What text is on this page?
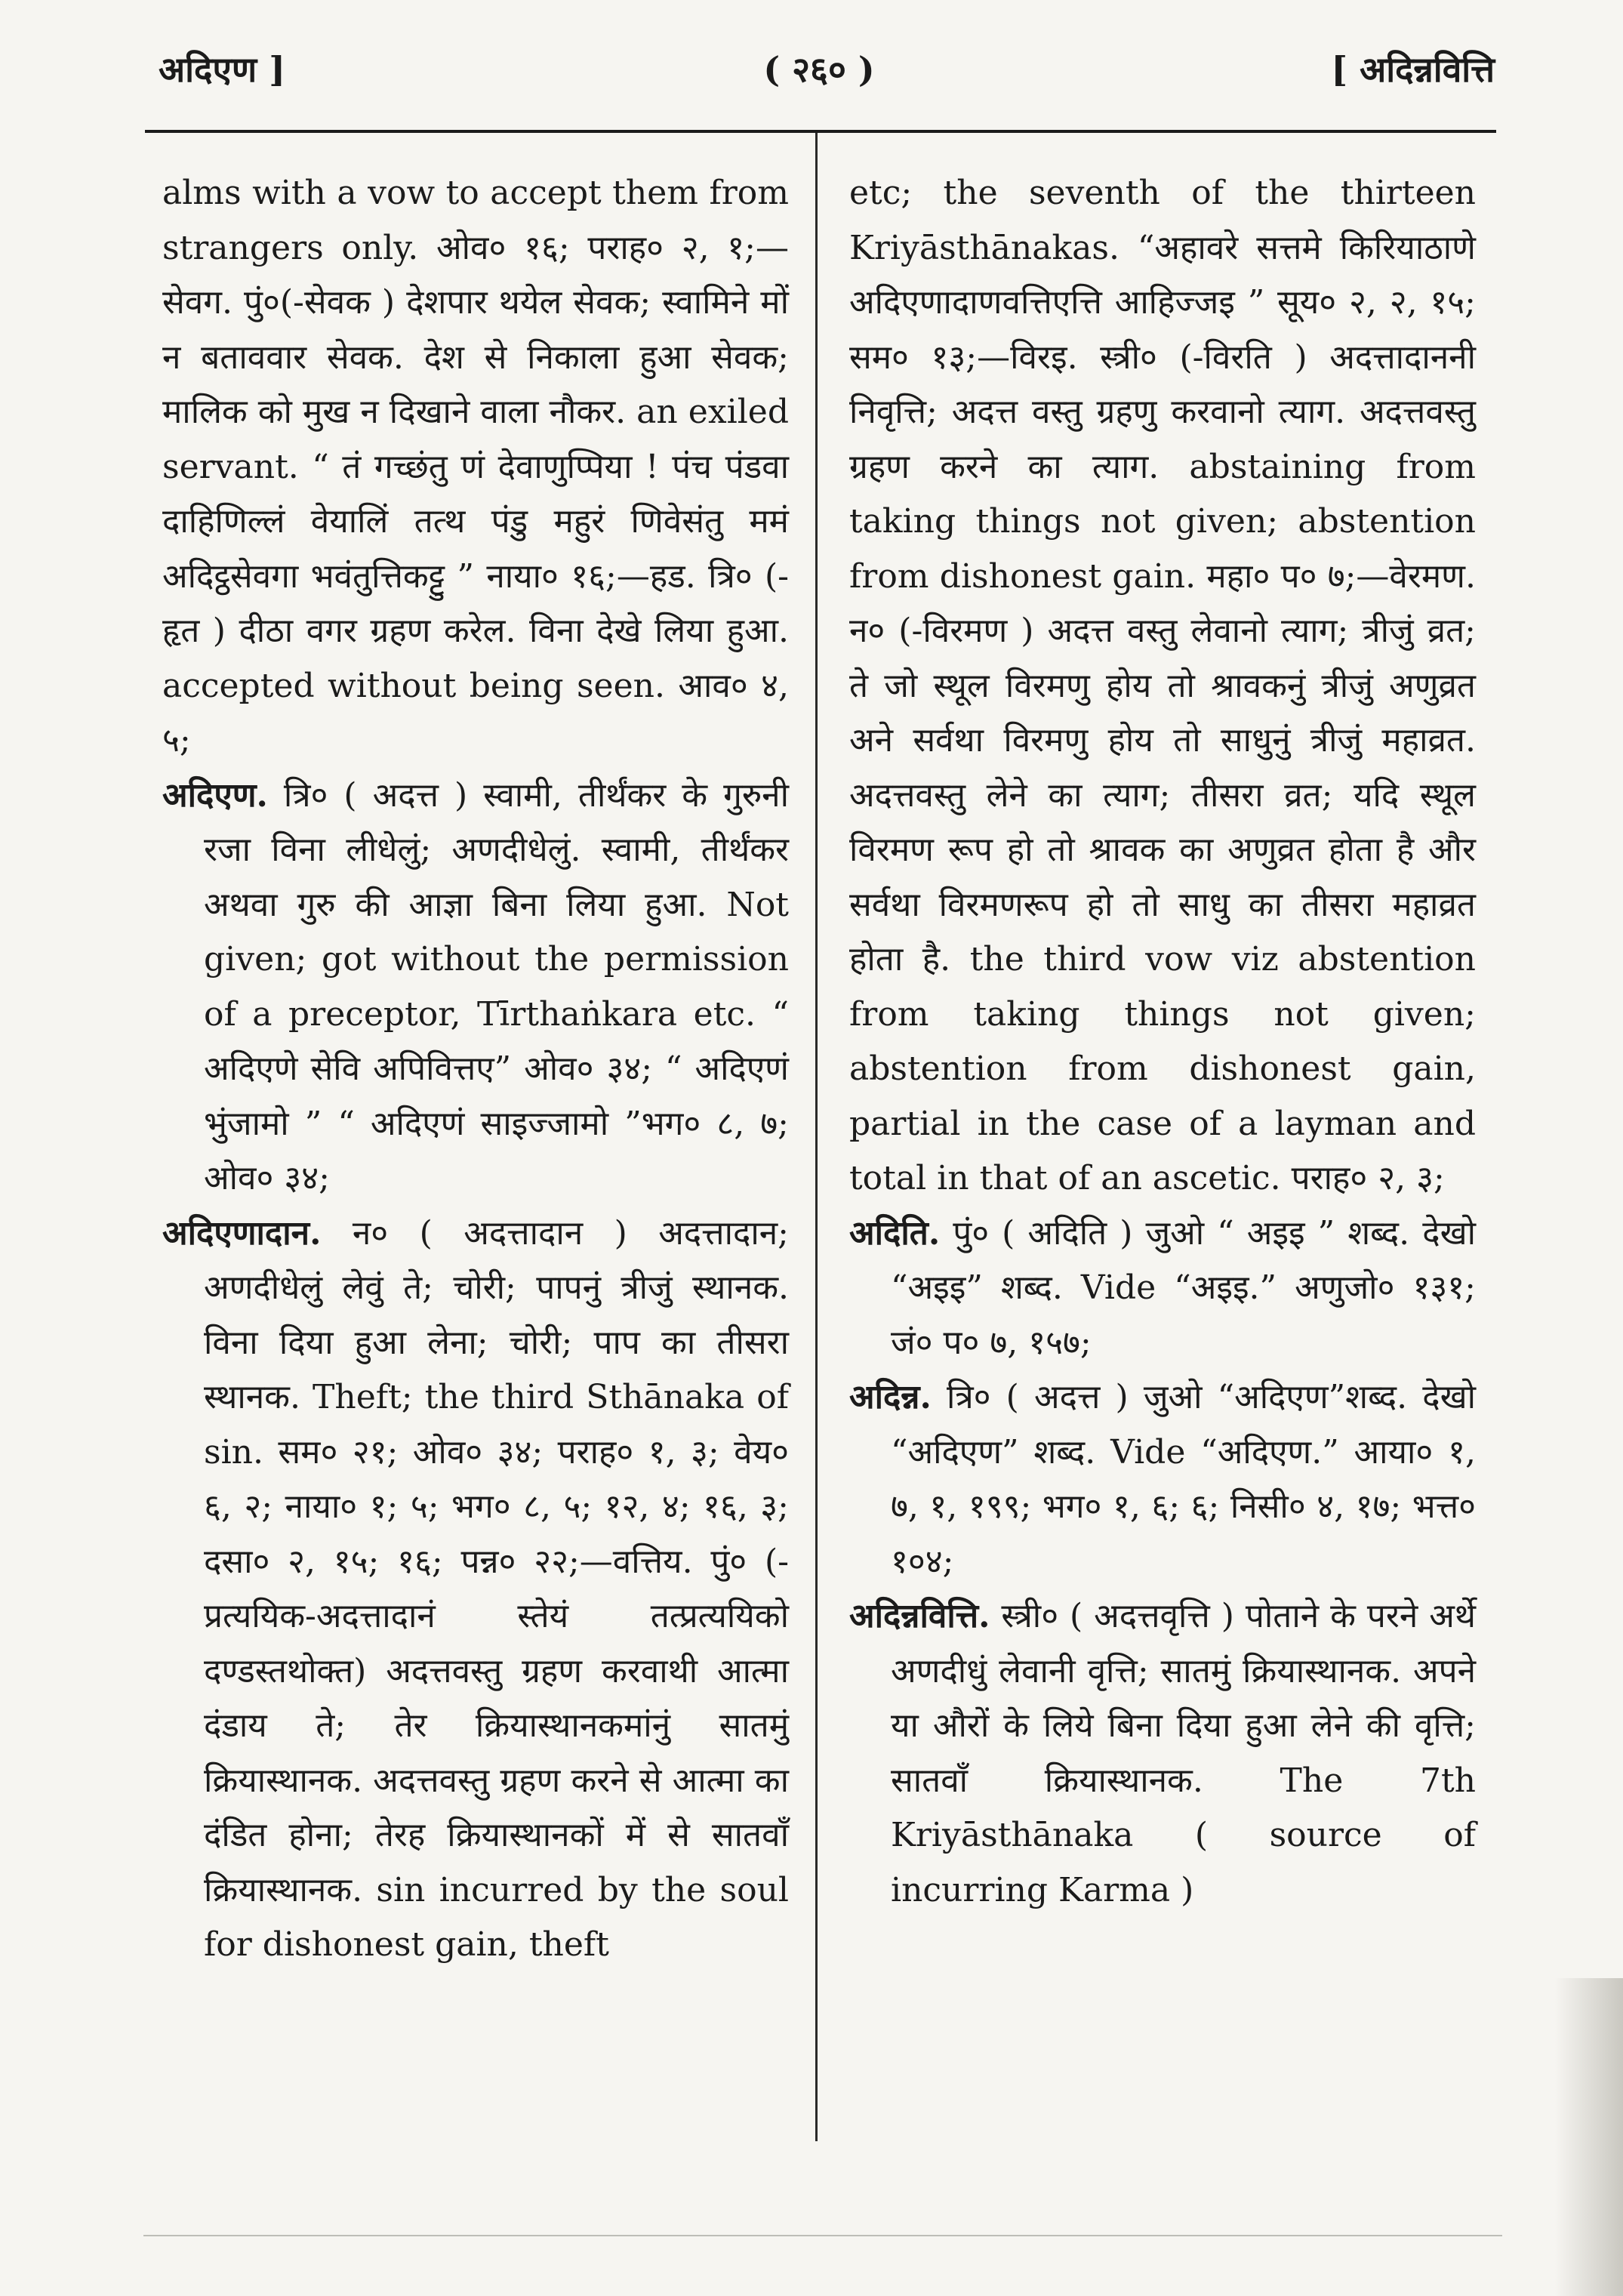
अदिएण ]	( २६० )	[ अदिन्नवित्ति

alms with a vow to accept them from strangers only. ओव० १६; पराह० २, १;—सेवग. पुं०(-सेवक ) देशपार थयेल सेवक; स्वामिने मों न बताववार सेवक. देश से निकाला हुआ सेवक; मालिक को मुख न दिखाने वाला नौकर. an exiled servant. “ तं गच्छंतु णं देवाणुप्पिया ! पंच पंडवा दाहिणिल्लं वेयालिं तत्थ पंडु महुरं णिवेसंतु ममं अदिट्ठसेवगा भवंतुत्तिकट्टु ” नाया० १६;—हड. त्रि० (-हृत ) दीठा वगर ग्रहण करेल. विना देखे लिया हुआ. accepted without being seen. आव० ४, ५;

अदिएण. त्रि० ( अदत्त ) स्वामी, तीर्थंकर के गुरुनी रजा विना लीधेलुं; अणदीधेलुं. स्वामी, तीर्थंकर अथवा गुरु की आज्ञा बिना लिया हुआ. Not given; got without the permission of a preceptor, Tīrthaṅkara etc. “ अदिएणे सेवि अपिवित्तए” ओव० ३४; “ अदिएणं भुंजामो ” “ अदिएणं साइज्जामो ”भग० ८, ७; ओव० ३४;

अदिएणादान. न० ( अदत्तादान ) अदत्तादान; अणदीधेलुं लेवुं ते; चोरी; पापनुं त्रीजुं स्थानक. विना दिया हुआ लेना; चोरी; पाप का तीसरा स्थानक. Theft; the third Sthānaka of sin. सम० २१; ओव० ३४; पराह० १, ३; वेय० ६, २; नाया० १; ५; भग० ८, ५; १२, ४; १६, ३; दसा० २, १५; १६; पन्न० २२;—वत्तिय. पुं० (-प्रत्ययिक-अदत्तादानं स्तेयं तत्प्रत्ययिको दण्डस्तथोक्त) अदत्तवस्तु ग्रहण करवाथी आत्मा दंडाय ते; तेर क्रियास्थानकमांनुं सातमुं क्रियास्थानक. अदत्तवस्तु ग्रहण करने से आत्मा का दंडित होना; तेरह क्रियास्थानकों में से सातवाँ क्रियास्थानक. sin incurred by the soul for dishonest gain, theft

etc; the seventh of the thirteen Kriyāsthānakas. “अहावरे सत्तमे किरियाठाणे अदिएणादाणवत्तिएत्ति आहिज्जइ ” सूय० २, २, १५; सम० १३;—विरइ. स्त्री० (-विरति ) अदत्तादाननी निवृत्ति; अदत्त वस्तु ग्रहणु करवानो त्याग. अदत्तवस्तु ग्रहण करने का त्याग. abstaining from taking things not given; abstention from dishonest gain. महा० प० ७;—वेरमण. न० (-विरमण ) अदत्त वस्तु लेवानो त्याग; त्रीजुं व्रत; ते जो स्थूल विरमणु होय तो श्रावकनुं त्रीजुं अणुव्रत अने सर्वथा विरमणु होय तो साधुनुं त्रीजुं महाव्रत. अदत्तवस्तु लेने का त्याग; तीसरा व्रत; यदि स्थूल विरमण रूप हो तो श्रावक का अणुव्रत होता है और सर्वथा विरमणरूप हो तो साधु का तीसरा महाव्रत होता है. the third vow viz abstention from taking things not given; abstention from dishonest gain, partial in the case of a layman and total in that of an ascetic. पराह० २, ३;

अदिति. पुं० ( अदिति ) जुओ “ अइइ ” शब्द. देखो “अइइ” शब्द. Vide “अइइ.” अणुजो० १३१; जं० प० ७, १५७;

अदिन्न. त्रि० ( अदत्त ) जुओ “अदिएण”शब्द. देखो “अदिएण” शब्द. Vide “अदिएण.” आया० १, ७, १, १९९; भग० १, ६; ६; निसी० ४, १७; भत्त० १०४;

अदिन्नवित्ति. स्त्री० ( अदत्तवृत्ति ) पोताने के परने अर्थे अणदीधुं लेवानी वृत्ति; सातमुं क्रियास्थानक. अपने या औरों के लिये बिना दिया हुआ लेने की वृत्ति; सातवाँ क्रियास्थानक. The 7th Kriyāsthānaka ( source of incurring Karma )
